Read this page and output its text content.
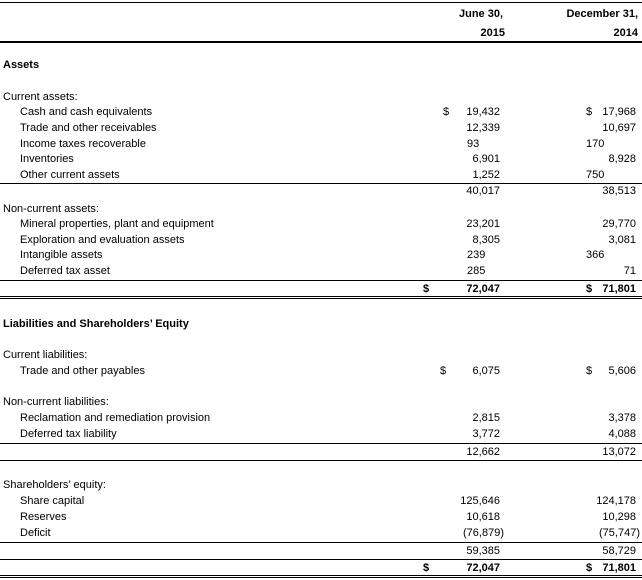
June 30,
2015
December 31,
2014
Assets
Current assets:
Cash and cash equivalents	$	19,432	$ 17,968
Trade and other receivables	12,339	10,697
Income taxes recoverable	93	170
Inventories	6,901	8,928
Other current assets	1,252	750
40,017	38,513
Non-current assets:
Mineral properties, plant and equipment	23,201	29,770
Exploration and evaluation assets	8,305	3,081
Intangible assets	239	366
Deferred tax asset	285	71
$	72,047	$ 71,801
Liabilities and Shareholders’ Equity
Current liabilities:
Trade and other payables	$	6,075	$	5,606
Non-current liabilities:
Reclamation and remediation provision	2,815	3,378
Deferred tax liability	3,772	4,088
12,662	13,072
Shareholders’ equity:
Share capital	125,646	124,178
Reserves	10,618	10,298
Deficit	(76,879)	(75,747)
59,385	58,729
$	72,047	$ 71,801
